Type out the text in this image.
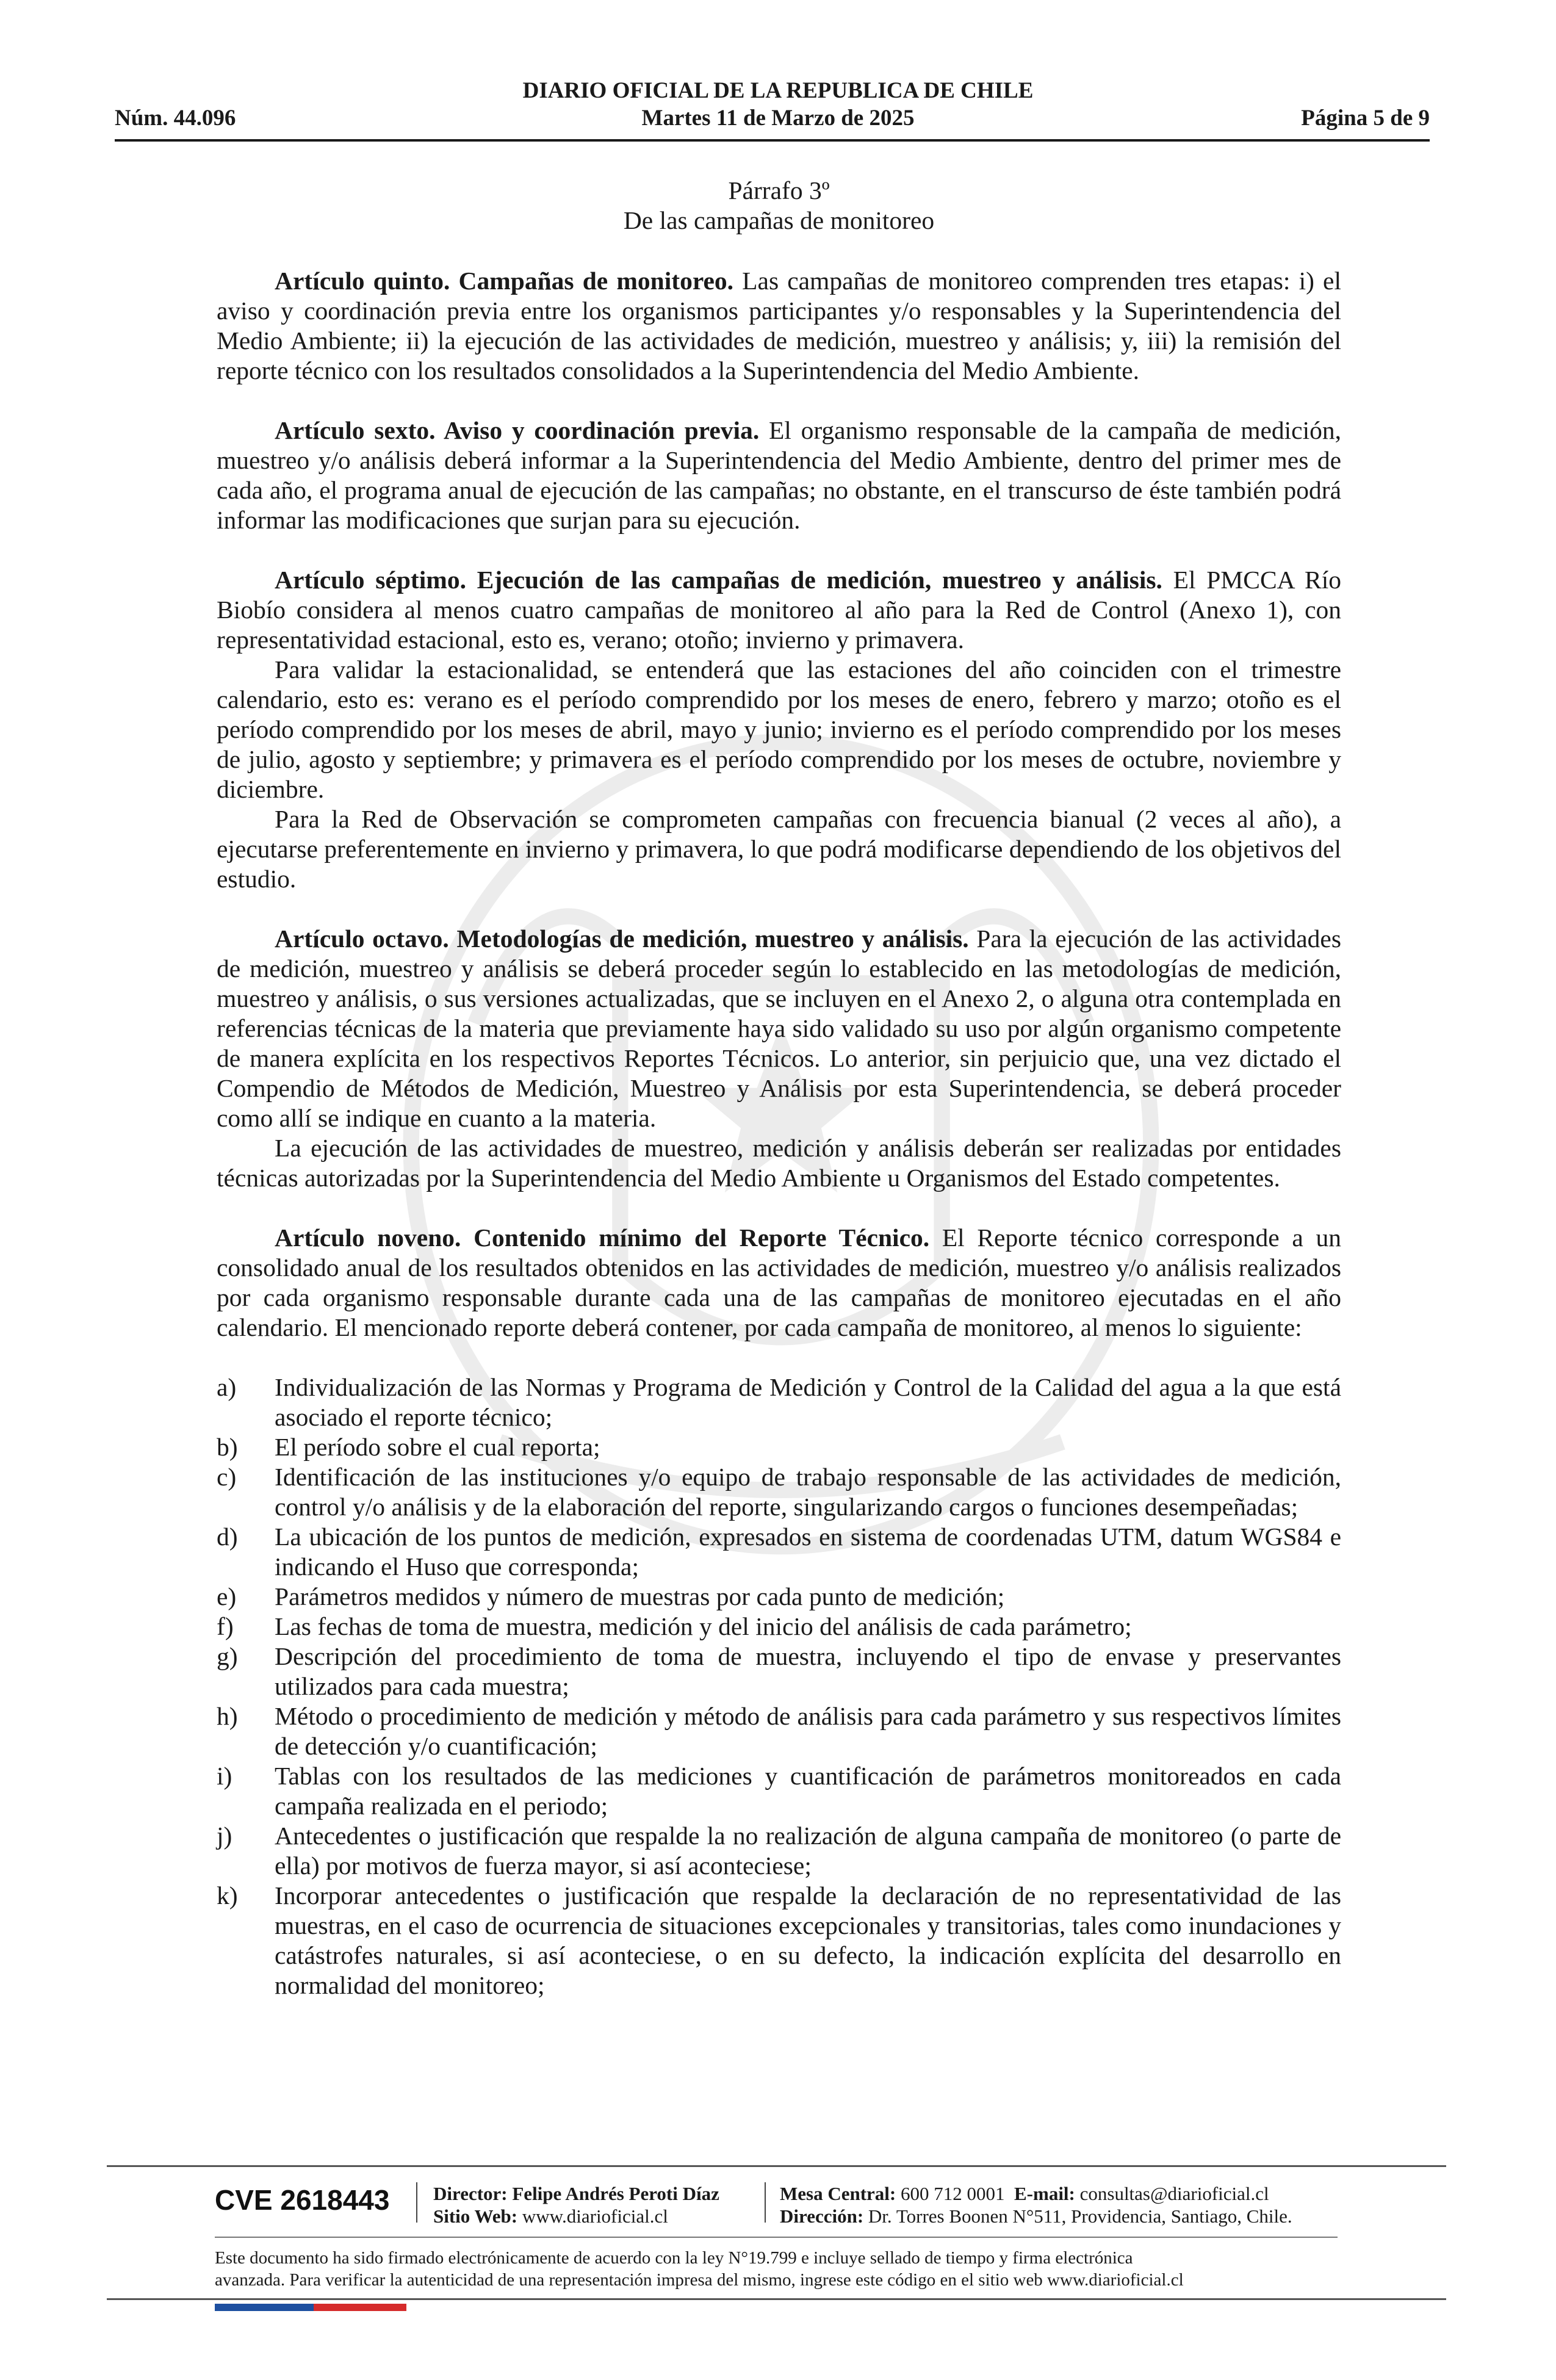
Núm. 44.096
DIARIO OFICIAL DE LA REPUBLICA DE CHILE
Martes 11 de Marzo de 2025	Página 5 de 9

Párrafo 3º

De las campañas de monitoreo

Artículo quinto. Campañas de monitoreo. Las campañas de monitoreo comprenden tres etapas: i) el aviso y coordinación previa entre los organismos participantes y/o responsables y la Superintendencia del Medio Ambiente; ii) la ejecución de las actividades de medición, muestreo y análisis; y, iii) la remisión del reporte técnico con los resultados consolidados a la Superintendencia del Medio Ambiente.

Artículo sexto. Aviso y coordinación previa. El organismo responsable de la campaña de medición, muestreo y/o análisis deberá informar a la Superintendencia del Medio Ambiente, dentro del primer mes de cada año, el programa anual de ejecución de las campañas; no obstante, en el transcurso de éste también podrá informar las modificaciones que surjan para su ejecución.

Artículo séptimo. Ejecución de las campañas de medición, muestreo y análisis. El PMCCA Río Biobío considera al menos cuatro campañas de monitoreo al año para la Red de Control (Anexo 1), con representatividad estacional, esto es, verano; otoño; invierno y primavera.

Para validar la estacionalidad, se entenderá que las estaciones del año coinciden con el trimestre calendario, esto es: verano es el período comprendido por los meses de enero, febrero y marzo; otoño es el período comprendido por los meses de abril, mayo y junio; invierno es el período comprendido por los meses de julio, agosto y septiembre; y primavera es el período comprendido por los meses de octubre, noviembre y diciembre.

Para la Red de Observación se comprometen campañas con frecuencia bianual (2 veces al año), a ejecutarse preferentemente en invierno y primavera, lo que podrá modificarse dependiendo de los objetivos del estudio.

Artículo octavo. Metodologías de medición, muestreo y análisis. Para la ejecución de las actividades de medición, muestreo y análisis se deberá proceder según lo establecido en las metodologías de medición, muestreo y análisis, o sus versiones actualizadas, que se incluyen en el Anexo 2, o alguna otra contemplada en referencias técnicas de la materia que previamente haya sido validado su uso por algún organismo competente de manera explícita en los respectivos Reportes Técnicos. Lo anterior, sin perjuicio que, una vez dictado el Compendio de Métodos de Medición, Muestreo y Análisis por esta Superintendencia, se deberá proceder como allí se indique en cuanto a la materia.

La ejecución de las actividades de muestreo, medición y análisis deberán ser realizadas por entidades técnicas autorizadas por la Superintendencia del Medio Ambiente u Organismos del Estado competentes.

Artículo noveno. Contenido mínimo del Reporte Técnico. El Reporte técnico corresponde a un consolidado anual de los resultados obtenidos en las actividades de medición, muestreo y/o análisis realizados por cada organismo responsable durante cada una de las campañas de monitoreo ejecutadas en el año calendario. El mencionado reporte deberá contener, por cada campaña de monitoreo, al menos lo siguiente:

a) Individualización de las Normas y Programa de Medición y Control de la Calidad del agua a la que está asociado el reporte técnico;
b) El período sobre el cual reporta;
c) Identificación de las instituciones y/o equipo de trabajo responsable de las actividades de medición, control y/o análisis y de la elaboración del reporte, singularizando cargos o funciones desempeñadas;
d) La ubicación de los puntos de medición, expresados en sistema de coordenadas UTM, datum WGS84 e indicando el Huso que corresponda;
e) Parámetros medidos y número de muestras por cada punto de medición;
f) Las fechas de toma de muestra, medición y del inicio del análisis de cada parámetro;
g) Descripción del procedimiento de toma de muestra, incluyendo el tipo de envase y preservantes utilizados para cada muestra;
h) Método o procedimiento de medición y método de análisis para cada parámetro y sus respectivos límites de detección y/o cuantificación;
i) Tablas con los resultados de las mediciones y cuantificación de parámetros monitoreados en cada campaña realizada en el periodo;
j) Antecedentes o justificación que respalde la no realización de alguna campaña de monitoreo (o parte de ella) por motivos de fuerza mayor, si así aconteciese;
k) Incorporar antecedentes o justificación que respalde la declaración de no representatividad de las muestras, en el caso de ocurrencia de situaciones excepcionales y transitorias, tales como inundaciones y catástrofes naturales, si así aconteciese, o en su defecto, la indicación explícita del desarrollo en normalidad del monitoreo;
CVE 2618443 Director: Felipe Andrés Peroti Díaz
Sitio Web: www.diarioficial.cl
Mesa Central: 600 712 0001 E-mail: consultas@diarioficial.cl
Dirección: Dr. Torres Boonen N°511, Providencia, Santiago, Chile.
Este documento ha sido firmado electrónicamente de acuerdo con la ley N°19.799 e incluye sellado de tiempo y firma electrónica
avanzada. Para verificar la autenticidad de una representación impresa del mismo, ingrese este código en el sitio web www.diarioficial.cl
